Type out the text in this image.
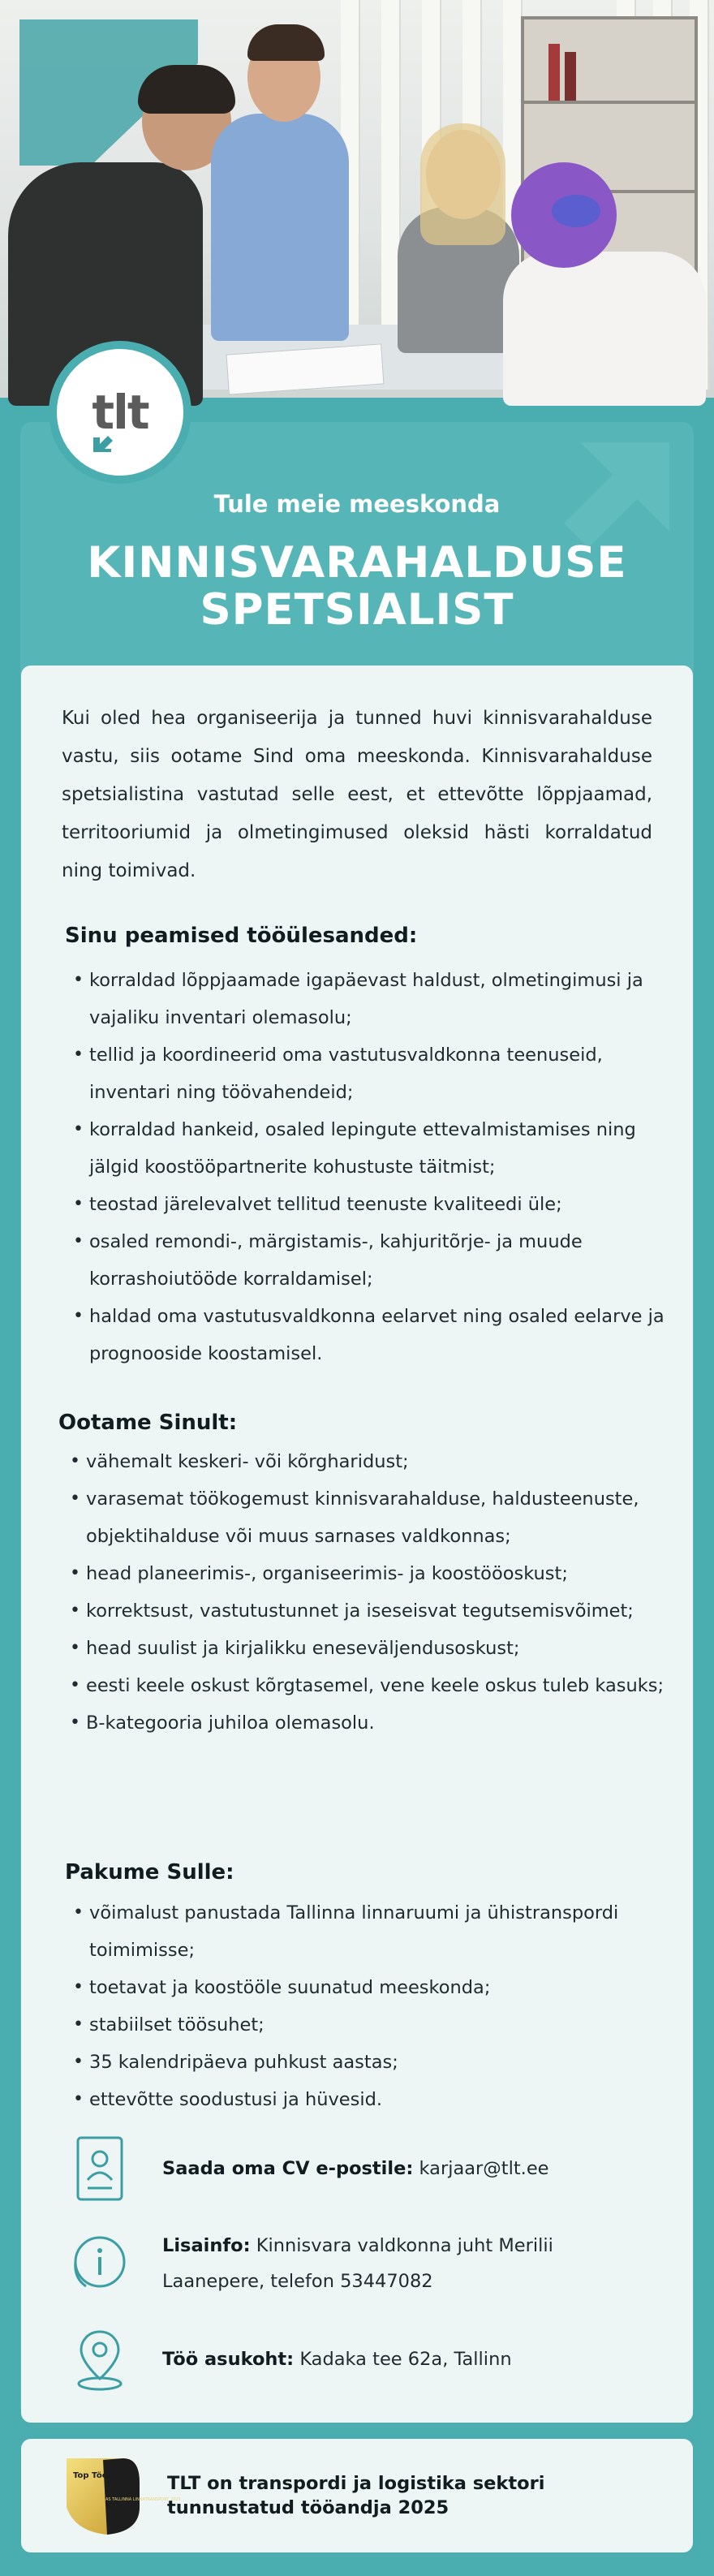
tlt
Tule meie meeskonda
KINNISVARAHALDUSE
SPETSIALIST

Kui oled hea organiseerija ja tunned huvi kinnisvarahalduse vastu, siis ootame Sind oma meeskonda. Kinnisvarahalduse spetsialistina vastutad selle eest, et ettevõtte lõppjaamad, territooriumid ja olmetingimused oleksid hästi korraldatud ning toimivad.

Sinu peamised tööülesanded:
• korraldad lõppjaamade igapäevast haldust, olmetingimusi ja vajaliku inventari olemasolu;
• tellid ja koordineerid oma vastutusvaldkonna teenuseid, inventari ning töövahendeid;
• korraldad hankeid, osaled lepingute ettevalmistamises ning jälgid koostööpartnerite kohustuste täitmist;
• teostad järelevalvet tellitud teenuste kvaliteedi üle;
• osaled remondi-, märgistamis-, kahjuritõrje- ja muude korrashoiutööde korraldamisel;
• haldad oma vastutusvaldkonna eelarvet ning osaled eelarve ja prognooside koostamisel.
Ootame Sinult:
• vähemalt keskeri- või kõrgharidust;
• varasemat töökogemust kinnisvarahalduse, haldusteenuste, objektihalduse või muus sarnases valdkonnas;
• head planeerimis-, organiseerimis- ja koostööoskust;
• korrektsust, vastutustunnet ja iseseisvat tegutsemisvõimet;
• head suulist ja kirjalikku eneseväljendusoskust;
• eesti keele oskust kõrgtasemel, vene keele oskus tuleb kasuks;
• B-kategooria juhiloa olemasolu.
Pakume Sulle:
• võimalust panustada Tallinna linnaruumi ja ühistranspordi toimimisse;
• toetavat ja koostööle suunatud meeskonda;
• stabiilset töösuhet;
• 35 kalendripäeva puhkust aastas;
• ettevõtte soodustusi ja hüvesid.
Saada oma CV e-postile: karjaar@tlt.ee
Lisainfo: Kinnisvara valdkonna juht Merilii
Laanepere, telefon 53447082
Töö asukoht: Kadaka tee 62a, Tallinn
Top Tööandja
AS TALLINNA LINNATRANSPORT 2025
TLT on transpordi ja logistika sektori
tunnustatud tööandja 2025
